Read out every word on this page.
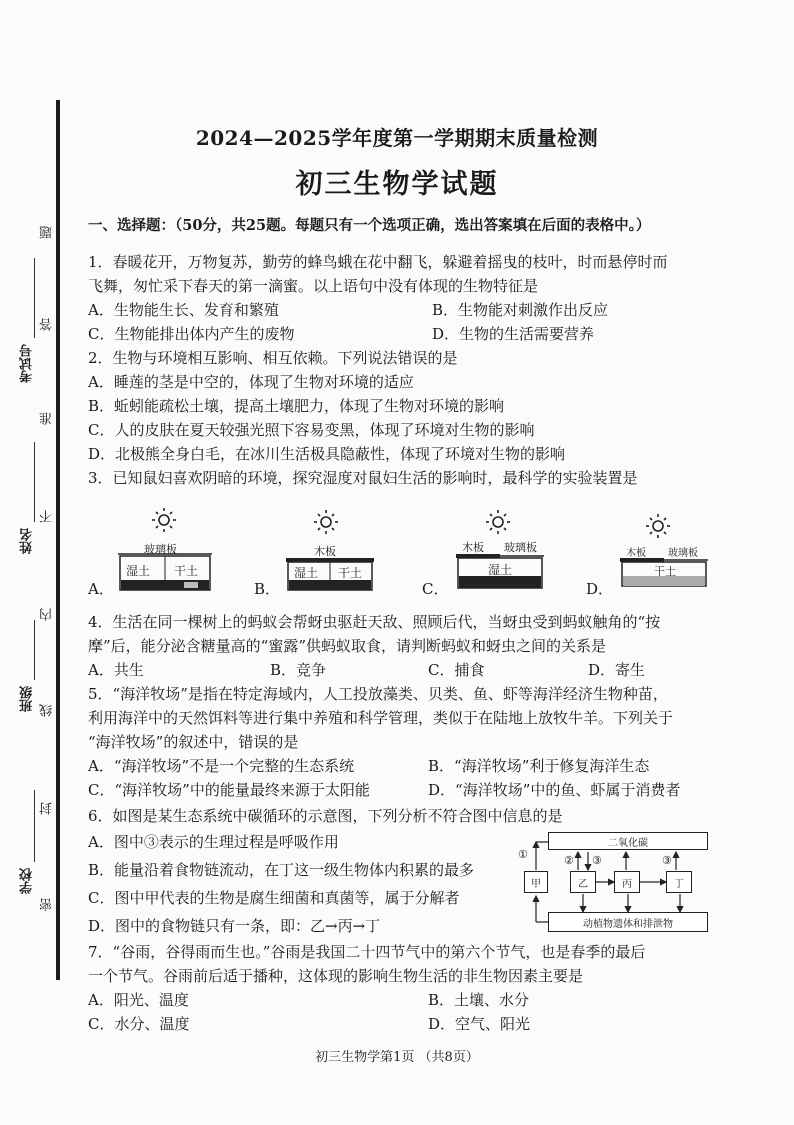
题
答
准
不
内
线
封
密
考试号
姓名
班级
学校
2024—2025学年度第一学期期末质量检测
初三生物学试题
一、选择题：（50分，共25题。每题只有一个选项正确，选出答案填在后面的表格中。）
1．春暖花开，万物复苏，勤劳的蜂鸟蛾在花中翻飞，躲避着摇曳的枝叶，时而悬停时而
飞舞，匆忙采下春天的第一滴蜜。以上语句中没有体现的生物特征是
A．生物能生长、发育和繁殖	B．生物能对刺激作出反应
C．生物能排出体内产生的废物	D．生物的生活需要营养
2．生物与环境相互影响、相互依赖。下列说法错误的是
A．睡莲的茎是中空的，体现了生物对环境的适应
B．蚯蚓能疏松土壤，提高土壤肥力，体现了生物对环境的影响
C．人的皮肤在夏天较强光照下容易变黑，体现了环境对生物的影响
D．北极熊全身白毛，在冰川生活极具隐蔽性，体现了环境对生物的影响
3．已知鼠妇喜欢阴暗的环境，探究湿度对鼠妇生活的影响时，最科学的实验装置是
玻璃板
湿土 干土
A．
木板
湿土 干土
B．
木板 玻璃板
湿土
C．
木板 玻璃板
干土
D．
4．生活在同一棵树上的蚂蚁会帮蚜虫驱赶天敌、照顾后代，当蚜虫受到蚂蚁触角的“按
摩”后，能分泌含糖量高的“蜜露”供蚂蚁取食，请判断蚂蚁和蚜虫之间的关系是
A．共生	B．竞争	C．捕食	D．寄生
5．“海洋牧场”是指在特定海域内，人工投放藻类、贝类、鱼、虾等海洋经济生物种苗，
利用海洋中的天然饵料等进行集中养殖和科学管理，类似于在陆地上放牧牛羊。下列关于
“海洋牧场”的叙述中，错误的是
A．“海洋牧场”不是一个完整的生态系统	B．“海洋牧场”利于修复海洋生态
C．“海洋牧场”中的能量最终来源于太阳能	D．“海洋牧场”中的鱼、虾属于消费者
6．如图是某生态系统中碳循环的示意图，下列分析不符合图中信息的是
A．图中③表示的生理过程是呼吸作用
B．能量沿着食物链流动，在丁这一级生物体内积累的最多
C．图中甲代表的生物是腐生细菌和真菌等，属于分解者
D．图中的食物链只有一条，即：乙→丙→丁
二氧化碳
甲	乙	丙	丁
动植物遗体和排泄物
①	② ③	③
7．“谷雨，谷得雨而生也。”谷雨是我国二十四节气中的第六个节气，也是春季的最后
一个节气。谷雨前后适于播种，这体现的影响生物生活的非生物因素主要是
A．阳光、温度	B．土壤、水分
C．水分、温度	D．空气、阳光
初三生物学第1页 （共8页）
